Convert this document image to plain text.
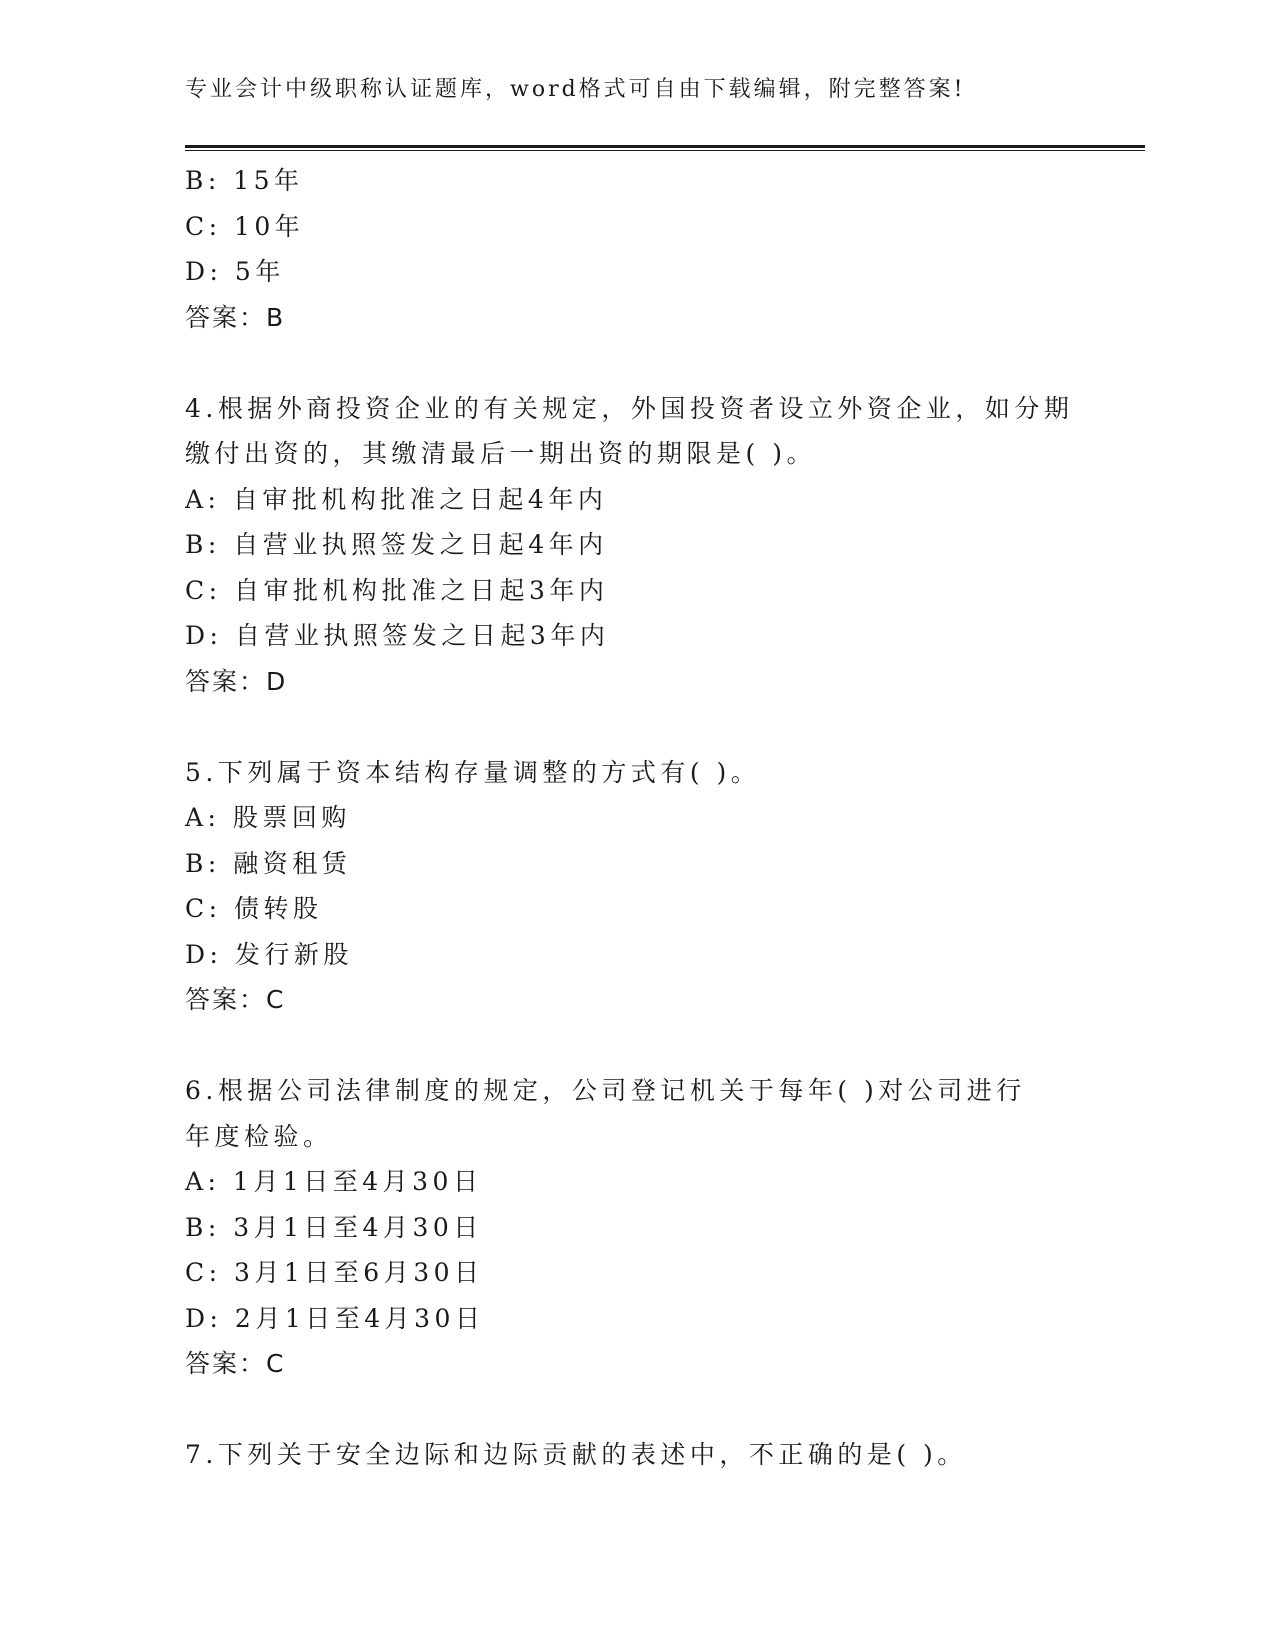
专业会计中级职称认证题库，word格式可自由下载编辑，附完整答案!
B: 15年
C: 10年
D: 5年
答案：B
4.根据外商投资企业的有关规定，外国投资者设立外资企业，如分期
缴付出资的，其缴清最后一期出资的期限是( )。
A: 自审批机构批准之日起4年内
B: 自营业执照签发之日起4年内
C: 自审批机构批准之日起3年内
D: 自营业执照签发之日起3年内
答案：D
5.下列属于资本结构存量调整的方式有( )。
A: 股票回购
B: 融资租赁
C: 债转股
D: 发行新股
答案：C
6.根据公司法律制度的规定，公司登记机关于每年( )对公司进行
年度检验。
A: 1月1日至4月30日
B: 3月1日至4月30日
C: 3月1日至6月30日
D: 2月1日至4月30日
答案：C
7.下列关于安全边际和边际贡献的表述中，不正确的是( )。
